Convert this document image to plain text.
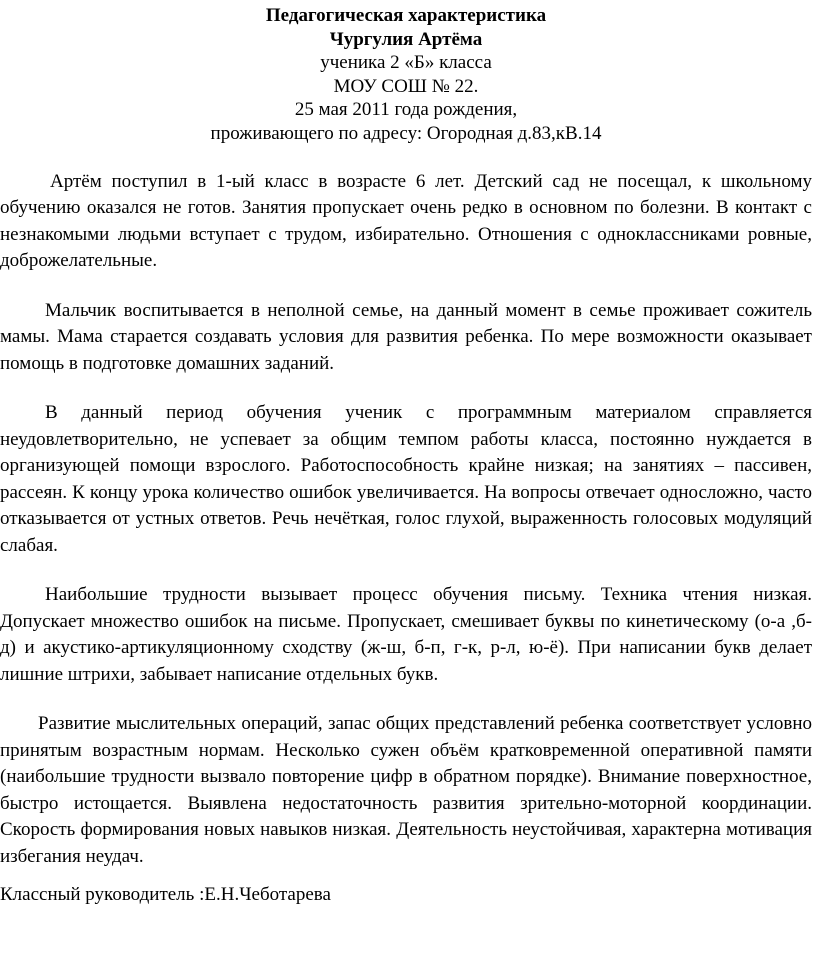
Педагогическая характеристика
Чургулия Артёма
ученика 2 «Б» класса
МОУ СОШ № 22.
25 мая 2011 года рождения,
проживающего по адресу: Огородная д.83,кВ.14

Артём поступил в 1-ый класс в возрасте 6 лет. Детский сад не посещал, к школьному обучению оказался не готов. Занятия пропускает очень редко в основном по болезни. В контакт с незнакомыми людьми вступает с трудом, избирательно. Отношения с одноклассниками ровные, доброжелательные.

Мальчик воспитывается в неполной семье, на данный момент в семье проживает сожитель мамы. Мама старается создавать условия для развития ребенка. По мере возможности оказывает помощь в подготовке домашних заданий.

В данный период обучения ученик с программным материалом справляется неудовлетворительно, не успевает за общим темпом работы класса, постоянно нуждается в организующей помощи взрослого. Работоспособность крайне низкая; на занятиях – пассивен, рассеян. К концу урока количество ошибок увеличивается. На вопросы отвечает односложно, часто отказывается от устных ответов. Речь нечёткая, голос глухой, выраженность голосовых модуляций слабая.

Наибольшие трудности вызывает процесс обучения письму. Техника чтения низкая. Допускает множество ошибок на письме. Пропускает, смешивает буквы по кинетическому (о-а ,б-д) и акустико-артикуляционному сходству (ж-ш, б-п, г-к, р-л, ю-ё). При написании букв делает лишние штрихи, забывает написание отдельных букв.

Развитие мыслительных операций, запас общих представлений ребенка соответствует условно принятым возрастным нормам. Несколько сужен объём кратковременной оперативной памяти (наибольшие трудности вызвало повторение цифр в обратном порядке). Внимание поверхностное, быстро истощается. Выявлена недостаточность развития зрительно-моторной координации. Скорость формирования новых навыков низкая. Деятельность неустойчивая, характерна мотивация избегания неудач.

Классный руководитель :Е.Н.Чеботарева
